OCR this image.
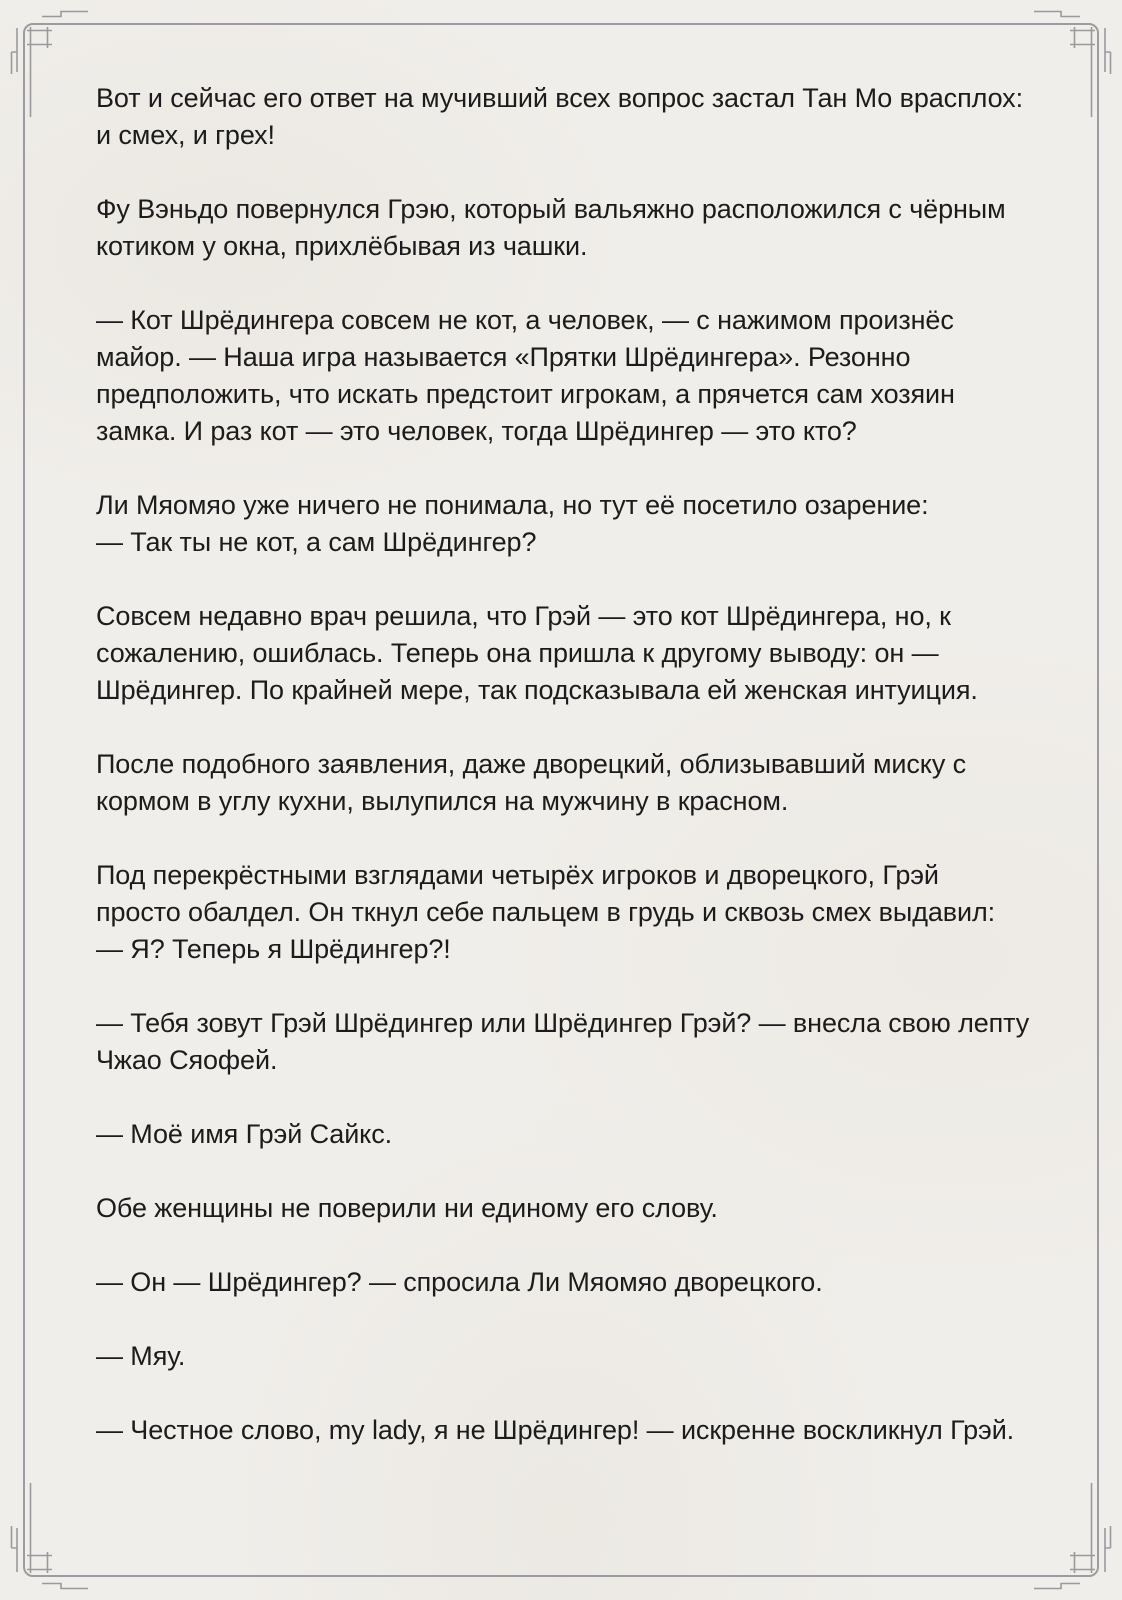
Вот и сейчас его ответ на мучивший всех вопрос застал Тан Мо врасплох: и смех, и грех!

Фу Вэньдо повернулся Грэю, который вальяжно расположился с чёрным котиком у окна, прихлёбывая из чашки.

— Кот Шрёдингера совсем не кот, а человек, — с нажимом произнёс майор. — Наша игра называется «Прятки Шрёдингера». Резонно предположить, что искать предстоит игрокам, а прячется сам хозяин замка. И раз кот — это человек, тогда Шрёдингер — это кто?

Ли Мяомяо уже ничего не понимала, но тут её посетило озарение:
— Так ты не кот, а сам Шрёдингер?

Совсем недавно врач решила, что Грэй — это кот Шрёдингера, но, к сожалению, ошиблась. Теперь она пришла к другому выводу: он — Шрёдингер. По крайней мере, так подсказывала ей женская интуиция.

После подобного заявления, даже дворецкий, облизывавший миску с кормом в углу кухни, вылупился на мужчину в красном.

Под перекрёстными взглядами четырёх игроков и дворецкого, Грэй просто обалдел. Он ткнул себе пальцем в грудь и сквозь смех выдавил:
— Я? Теперь я Шрёдингер?!

— Тебя зовут Грэй Шрёдингер или Шрёдингер Грэй? — внесла свою лепту Чжао Сяофей.

— Моё имя Грэй Сайкс.

Обе женщины не поверили ни единому его слову.

— Он — Шрёдингер? — спросила Ли Мяомяо дворецкого.

— Мяу.

— Честное слово, my lady, я не Шрёдингер! — искренне воскликнул Грэй.
